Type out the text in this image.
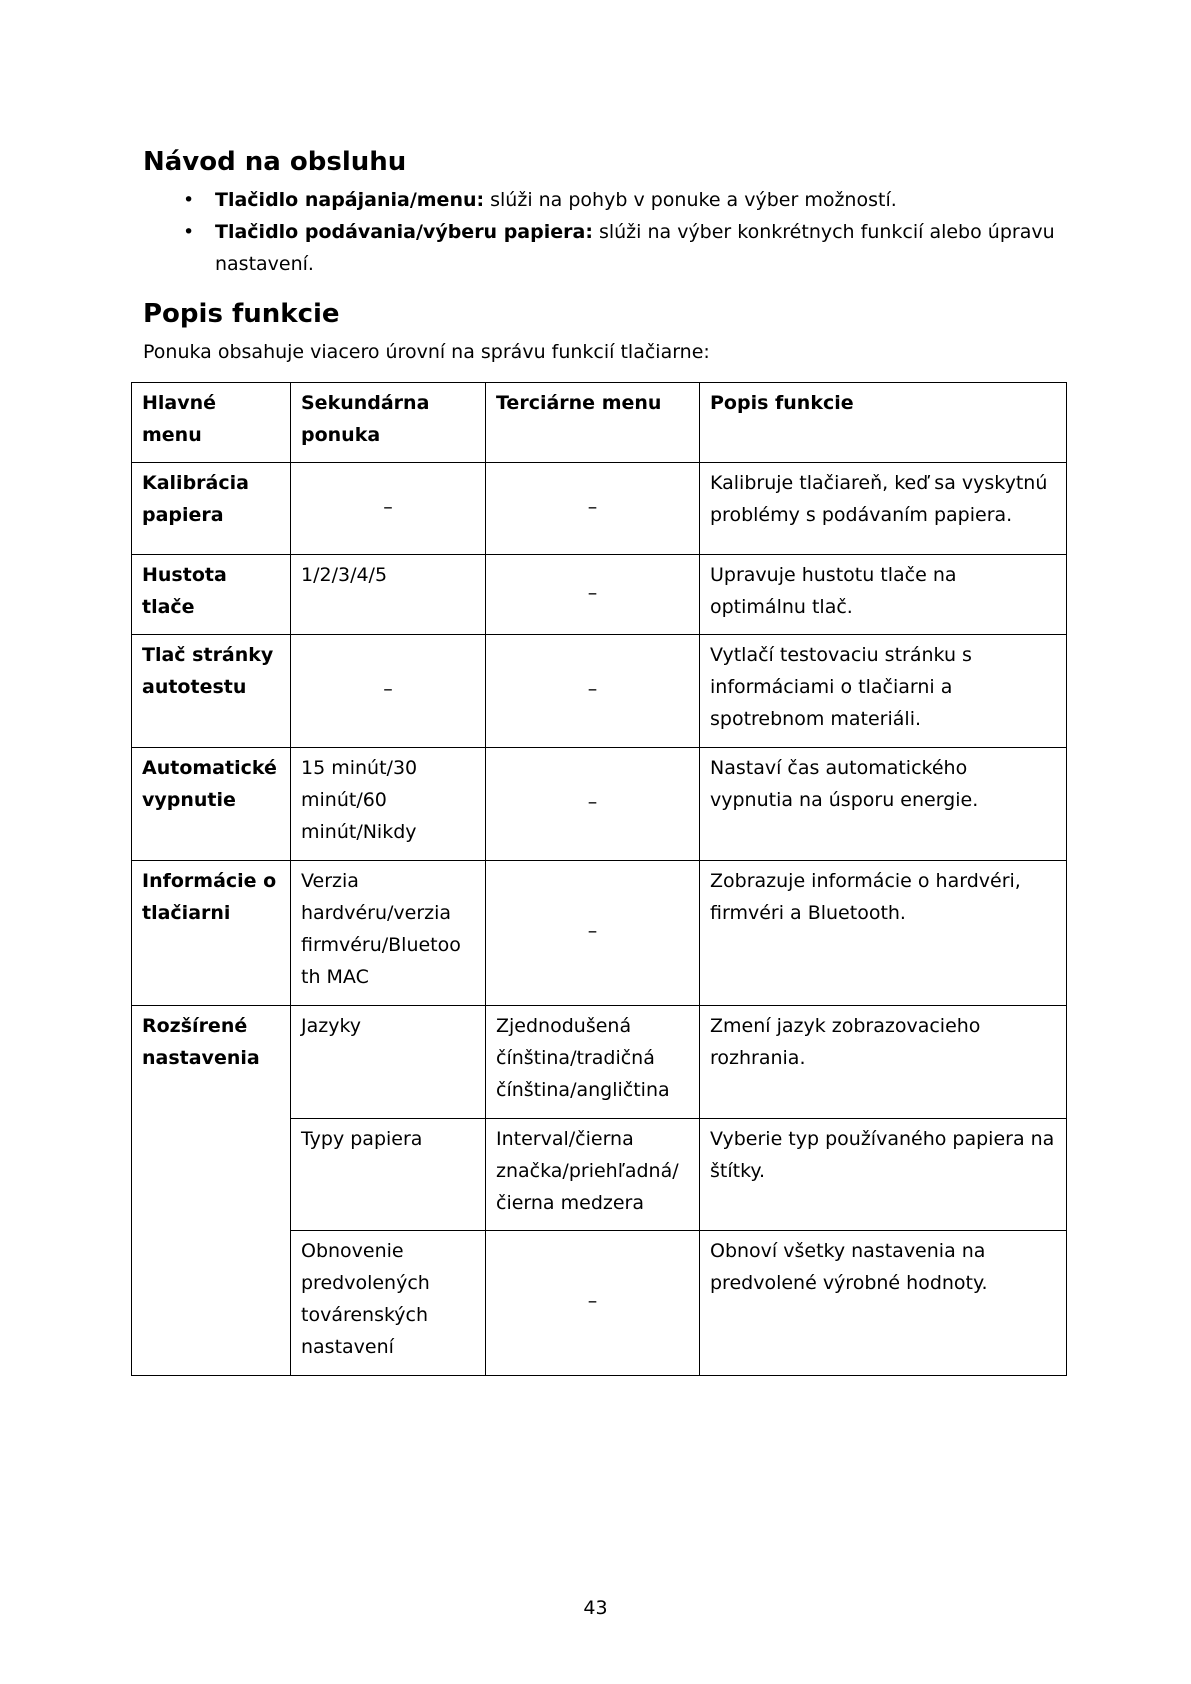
Návod na obsluhu
• Tlačidlo napájania/menu: slúži na pohyb v ponuke a výber možností.
• Tlačidlo podávania/výberu papiera: slúži na výber konkrétnych funkcií alebo úpravu nastavení.
Popis funkcie

Ponuka obsahuje viacero úrovní na správu funkcií tlačiarne:

Hlavné menu	Sekundárna ponuka	Terciárne menu	Popis funkcie
Kalibrácia papiera	–	–	Kalibruje tlačiareň, keď sa vyskytnú problémy s podávaním papiera.
Hustota tlače	1/2/3/4/5	–	Upravuje hustotu tlače na optimálnu tlač.
Tlač stránky autotestu	–	–	Vytlačí testovaciu stránku s informáciami o tlačiarni a spotrebnom materiáli.
Automatické vypnutie	15 minút/30 minút/60 minút/Nikdy	–	Nastaví čas automatického vypnutia na úsporu energie.
Informácie o tlačiarni	Verzia hardvéru/verzia firmvéru/Bluetoo th MAC	–	Zobrazuje informácie o hardvéri, firmvéri a Bluetooth.
Rozšírené nastavenia	Jazyky	Zjednodušená čínština/tradičná čínština/angličtina	Zmení jazyk zobrazovacieho rozhrania.
	Typy papiera	Interval/čierna značka/priehľadná/ čierna medzera	Vyberie typ používaného papiera na štítky.
	Obnovenie predvolených továrenských nastavení	–	Obnoví všetky nastavenia na predvolené výrobné hodnoty.
43
